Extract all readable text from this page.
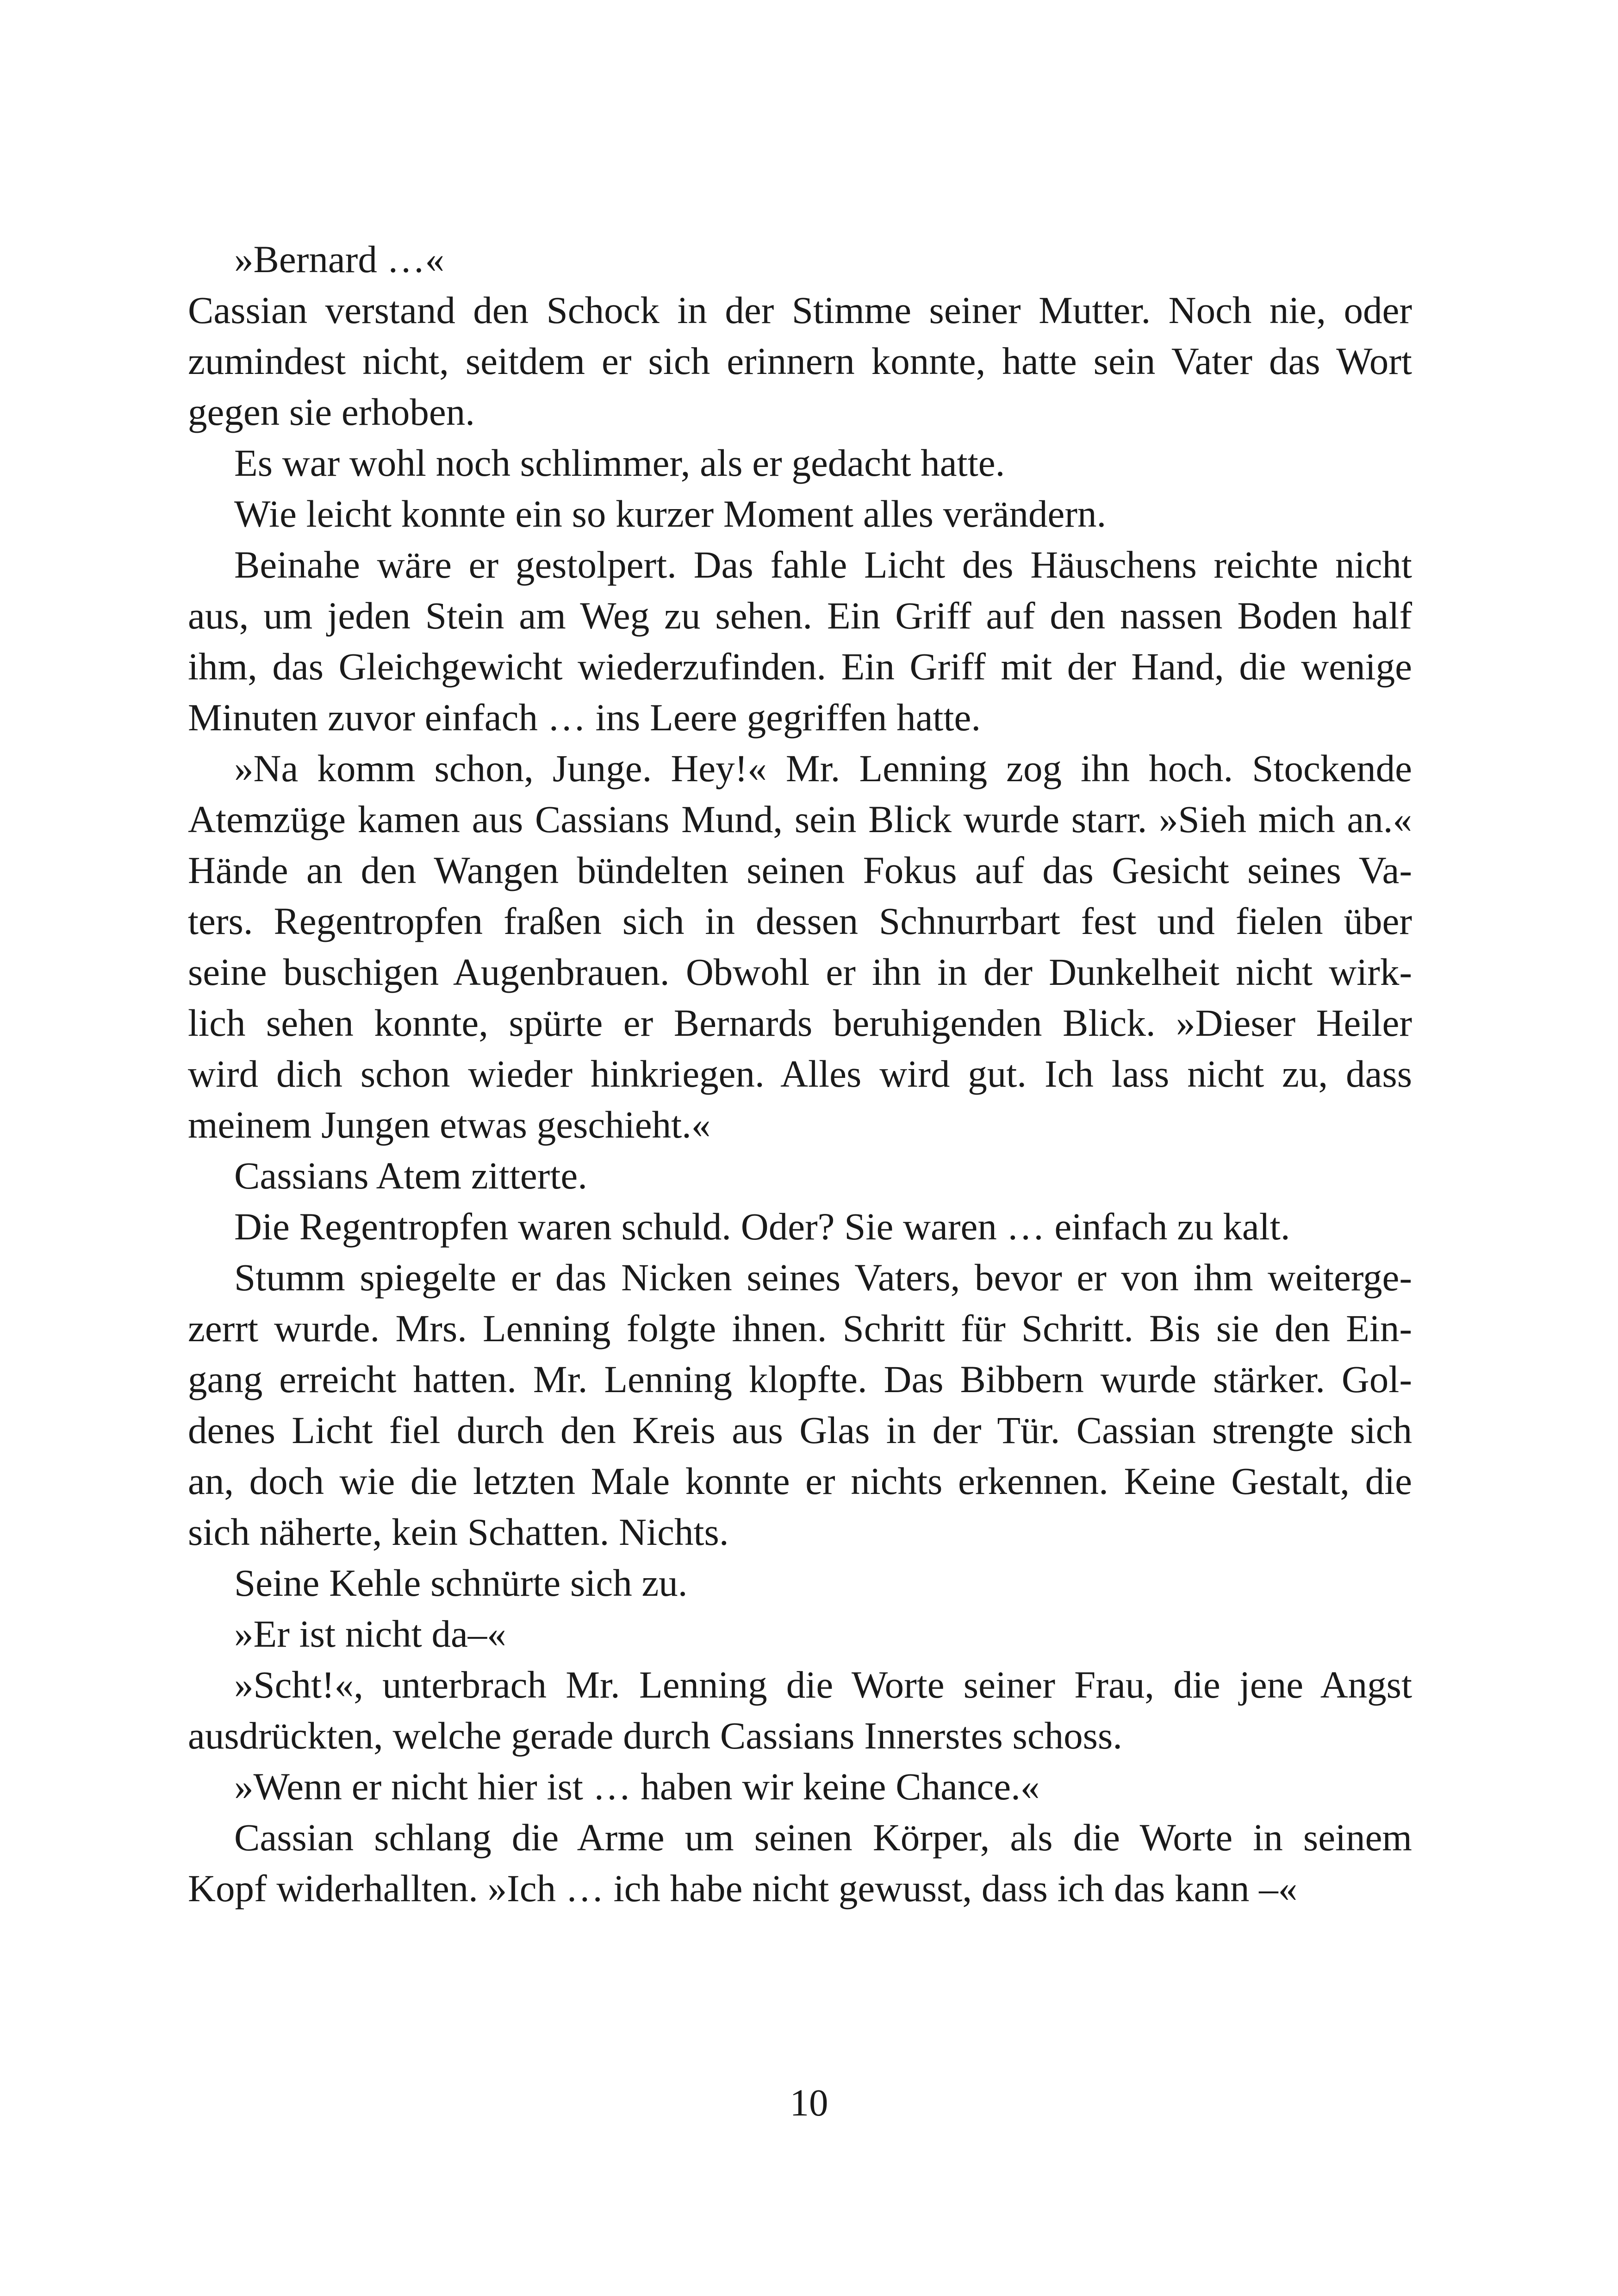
»Bernard …«
Cassian verstand den Schock in der Stimme seiner Mutter. Noch nie, oder
zumindest nicht, seitdem er sich erinnern konnte, hatte sein Vater das Wort
gegen sie erhoben.
Es war wohl noch schlimmer, als er gedacht hatte.
Wie leicht konnte ein so kurzer Moment alles verändern.
Beinahe wäre er gestolpert. Das fahle Licht des Häuschens reichte nicht
aus, um jeden Stein am Weg zu sehen. Ein Griff auf den nassen Boden half
ihm, das Gleichgewicht wiederzufinden. Ein Griff mit der Hand, die wenige
Minuten zuvor einfach … ins Leere gegriffen hatte.
»Na komm schon, Junge. Hey!« Mr. Lenning zog ihn hoch. Stockende
Atemzüge kamen aus Cassians Mund, sein Blick wurde starr. »Sieh mich an.«
Hände an den Wangen bündelten seinen Fokus auf das Gesicht seines Va-
ters. Regentropfen fraßen sich in dessen Schnurrbart fest und fielen über
seine buschigen Augenbrauen. Obwohl er ihn in der Dunkelheit nicht wirk-
lich sehen konnte, spürte er Bernards beruhigenden Blick. »Dieser Heiler
wird dich schon wieder hinkriegen. Alles wird gut. Ich lass nicht zu, dass
meinem Jungen etwas geschieht.«
Cassians Atem zitterte.
Die Regentropfen waren schuld. Oder? Sie waren … einfach zu kalt.
Stumm spiegelte er das Nicken seines Vaters, bevor er von ihm weiterge-
zerrt wurde. Mrs. Lenning folgte ihnen. Schritt für Schritt. Bis sie den Ein-
gang erreicht hatten. Mr. Lenning klopfte. Das Bibbern wurde stärker. Gol-
denes Licht fiel durch den Kreis aus Glas in der Tür. Cassian strengte sich
an, doch wie die letzten Male konnte er nichts erkennen. Keine Gestalt, die
sich näherte, kein Schatten. Nichts.
Seine Kehle schnürte sich zu.
»Er ist nicht da–«
»Scht!«, unterbrach Mr. Lenning die Worte seiner Frau, die jene Angst
ausdrückten, welche gerade durch Cassians Innerstes schoss.
»Wenn er nicht hier ist … haben wir keine Chance.«
Cassian schlang die Arme um seinen Körper, als die Worte in seinem
Kopf widerhallten. »Ich … ich habe nicht gewusst, dass ich das kann –«
10
